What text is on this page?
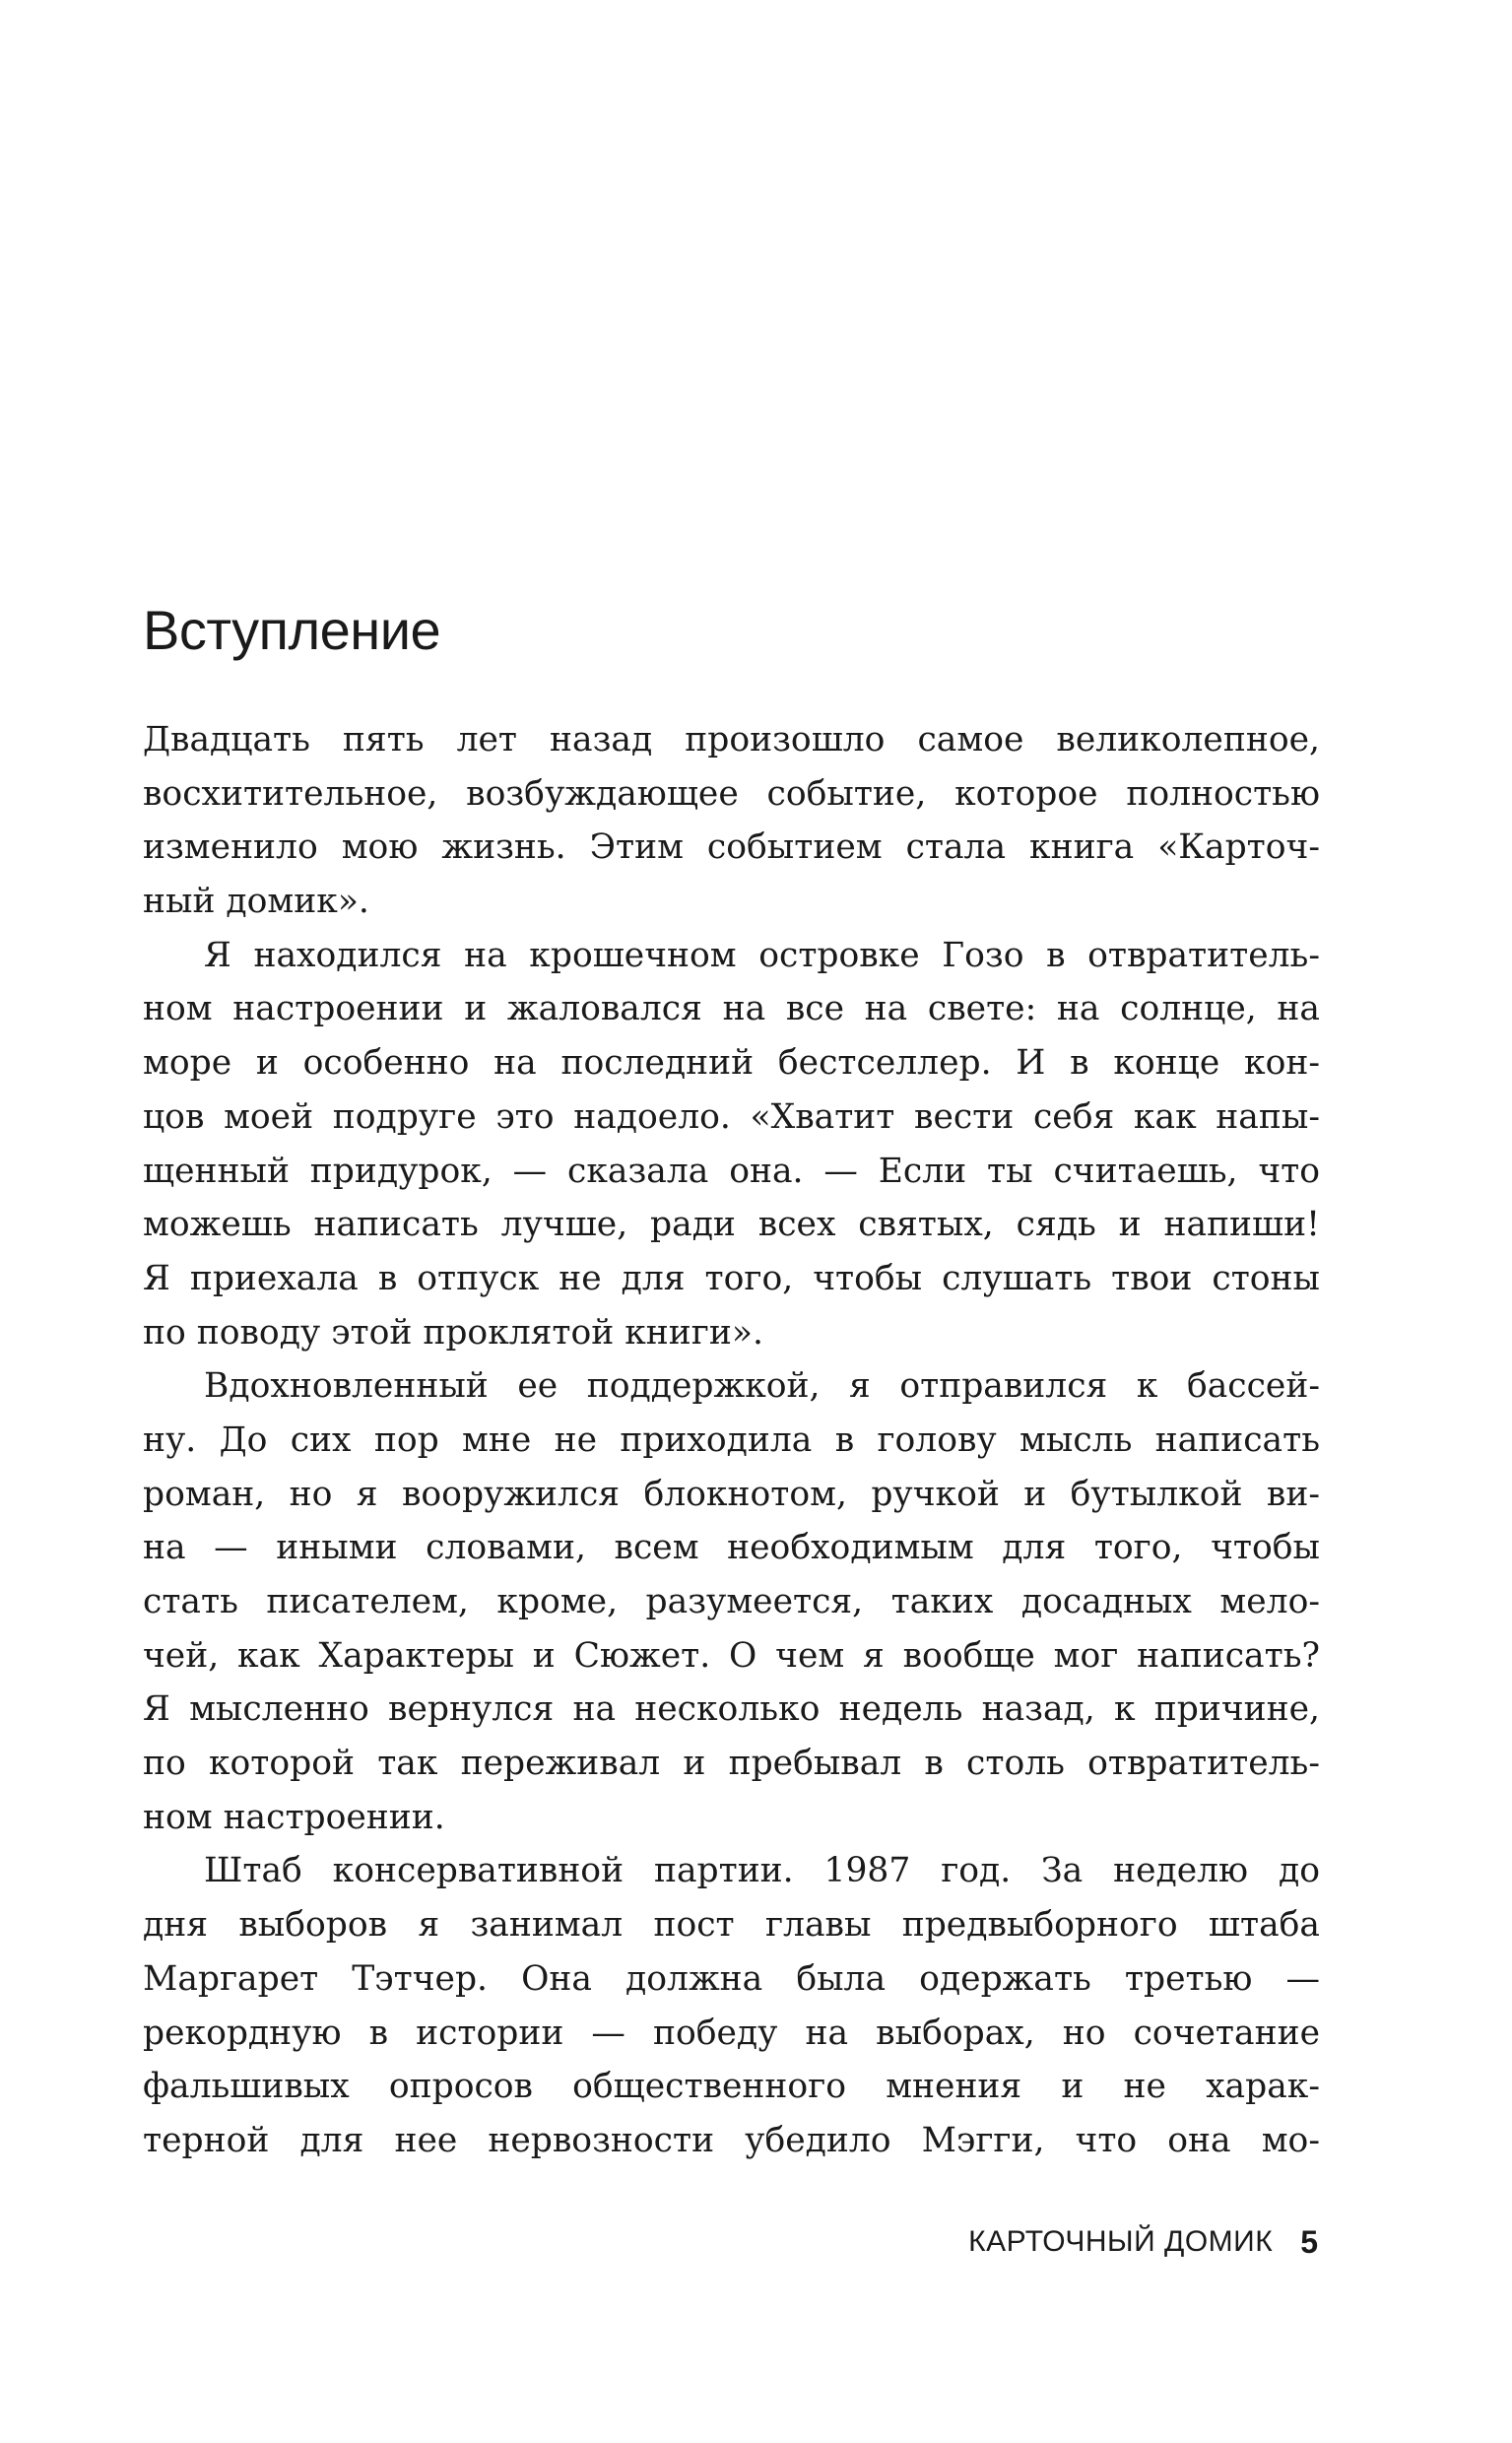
Вступление
Двадцать пять лет назад произошло самое великолепное,
восхитительное, возбуждающее событие, которое полностью
изменило мою жизнь. Этим событием стала книга «Карточ-
ный домик».
Я находился на крошечном островке Гозо в отвратитель-
ном настроении и жаловался на все на свете: на солнце, на
море и особенно на последний бестселлер. И в конце кон-
цов моей подруге это надоело. «Хватит вести себя как напы-
щенный придурок, — сказала она. — Если ты считаешь, что
можешь написать лучше, ради всех святых, сядь и напиши!
Я приехала в отпуск не для того, чтобы слушать твои стоны
по поводу этой проклятой книги».
Вдохновленный ее поддержкой, я отправился к бассей-
ну. До сих пор мне не приходила в голову мысль написать
роман, но я вооружился блокнотом, ручкой и бутылкой ви-
на — иными словами, всем необходимым для того, чтобы
стать писателем, кроме, разумеется, таких досадных мело-
чей, как Характеры и Сюжет. О чем я вообще мог написать?
Я мысленно вернулся на несколько недель назад, к причине,
по которой так переживал и пребывал в столь отвратитель-
ном настроении.
Штаб консервативной партии. 1987 год. За неделю до
дня выборов я занимал пост главы предвыборного штаба
Маргарет Тэтчер. Она должна была одержать третью —
рекордную в истории — победу на выборах, но сочетание
фальшивых опросов общественного мнения и не харак-
терной для нее нервозности убедило Мэгги, что она мо-
КАРТОЧНЫЙ ДОМИК 5
